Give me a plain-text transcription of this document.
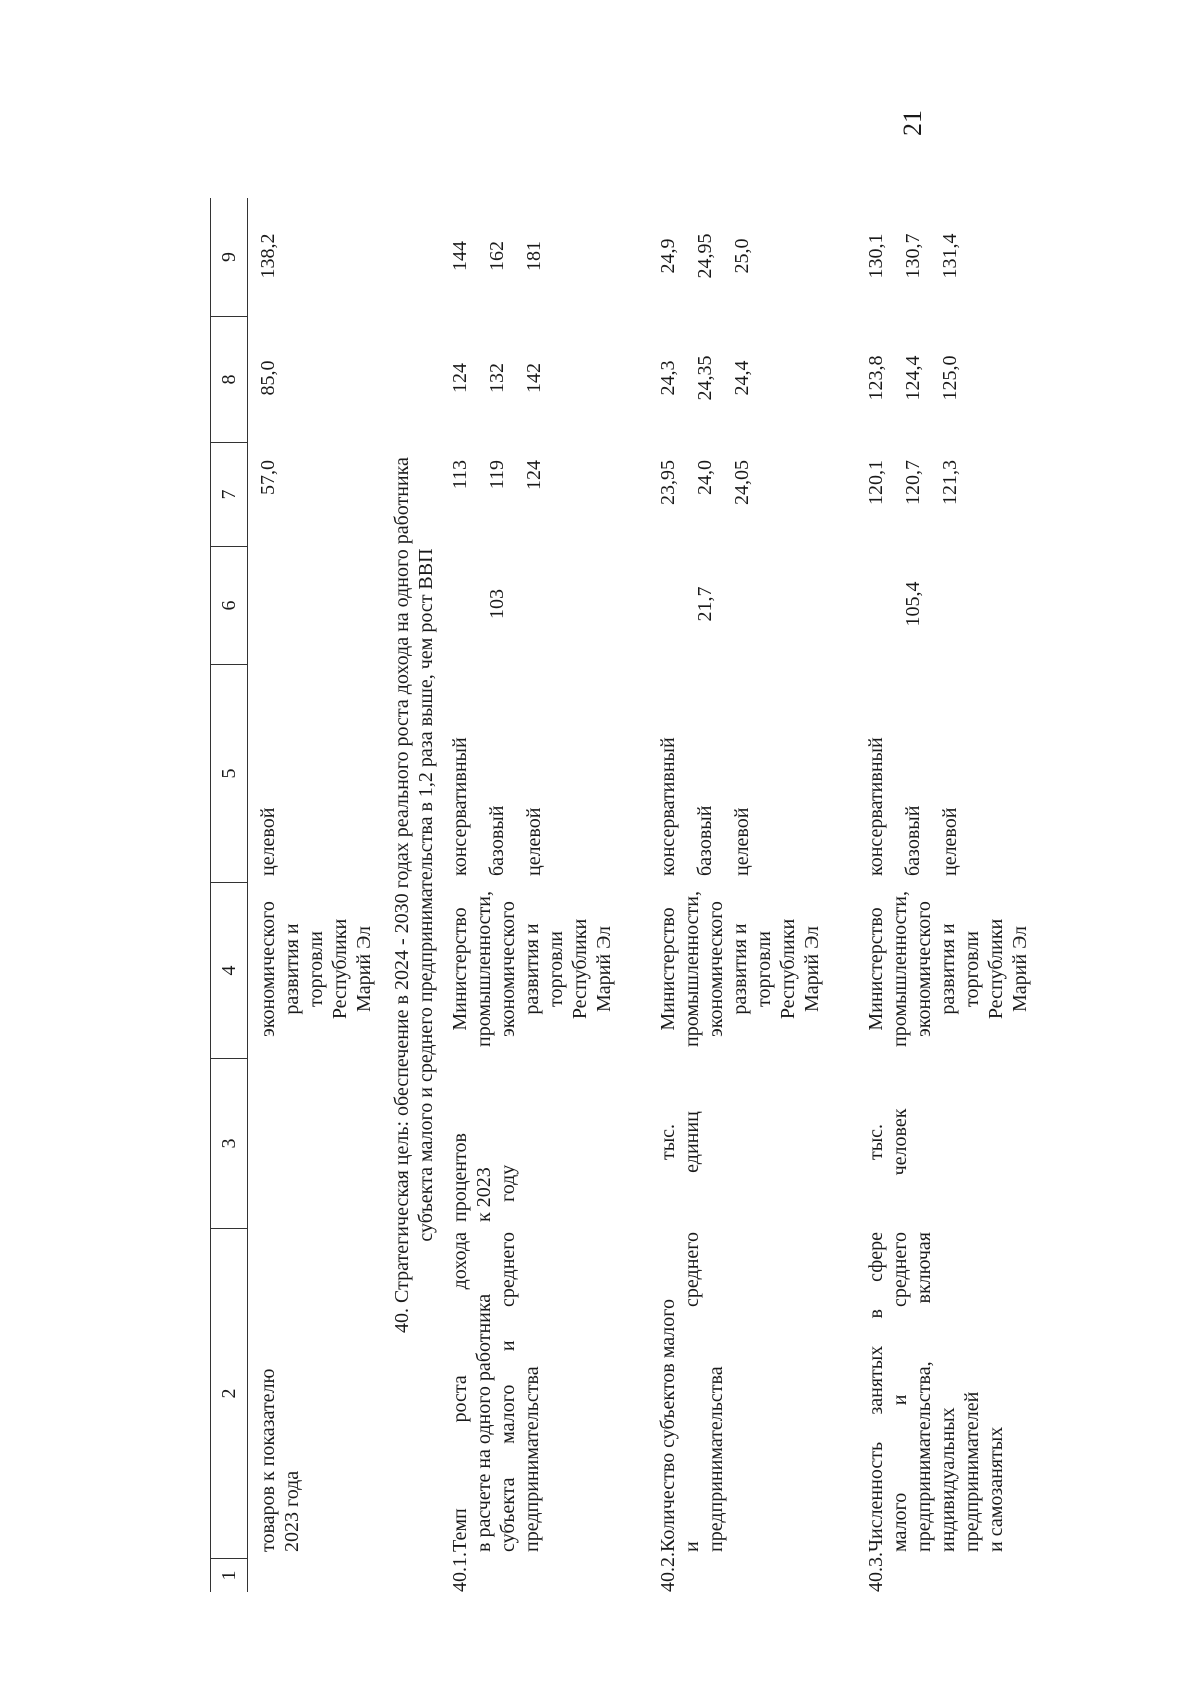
21
1
2
3
4
5
6
7
8
9
товаров к показателю 2023 года
экономического развития и торговли Республики Марий Эл
целевой
57,0
85,0
138,2
40. Стратегическая цель: обеспечение в 2024 - 2030 годах реального роста дохода на одного работника субъекта малого и среднего предпринимательства в 1,2 раза выше, чем рост ВВП
40.1.
Темп роста дохода в расчете на одного работника субъекта малого и среднего предпринимательства
процентов к 2023 году
Министерство промышленности, экономического развития и торговли Республики Марий Эл
консервативный базовый целевой
103
113 119 124
124 132 142
144 162 181
40.2.
Количество субъектов малого и среднего предпринимательства
тыс. единиц
Министерство промышленности, экономического развития и торговли Республики Марий Эл
консервативный базовый целевой
21,7
23,95 24,0 24,05
24,3 24,35 24,4
24,9 24,95 25,0
40.3.
Численность занятых в сфере малого и среднего предпринимательства, включая индивидуальных предпринимателей и самозанятых
тыс. человек
Министерство промышленности, экономического развития и торговли Республики Марий Эл
консервативный базовый целевой
105,4
120,1 120,7 121,3
123,8 124,4 125,0
130,1 130,7 131,4
